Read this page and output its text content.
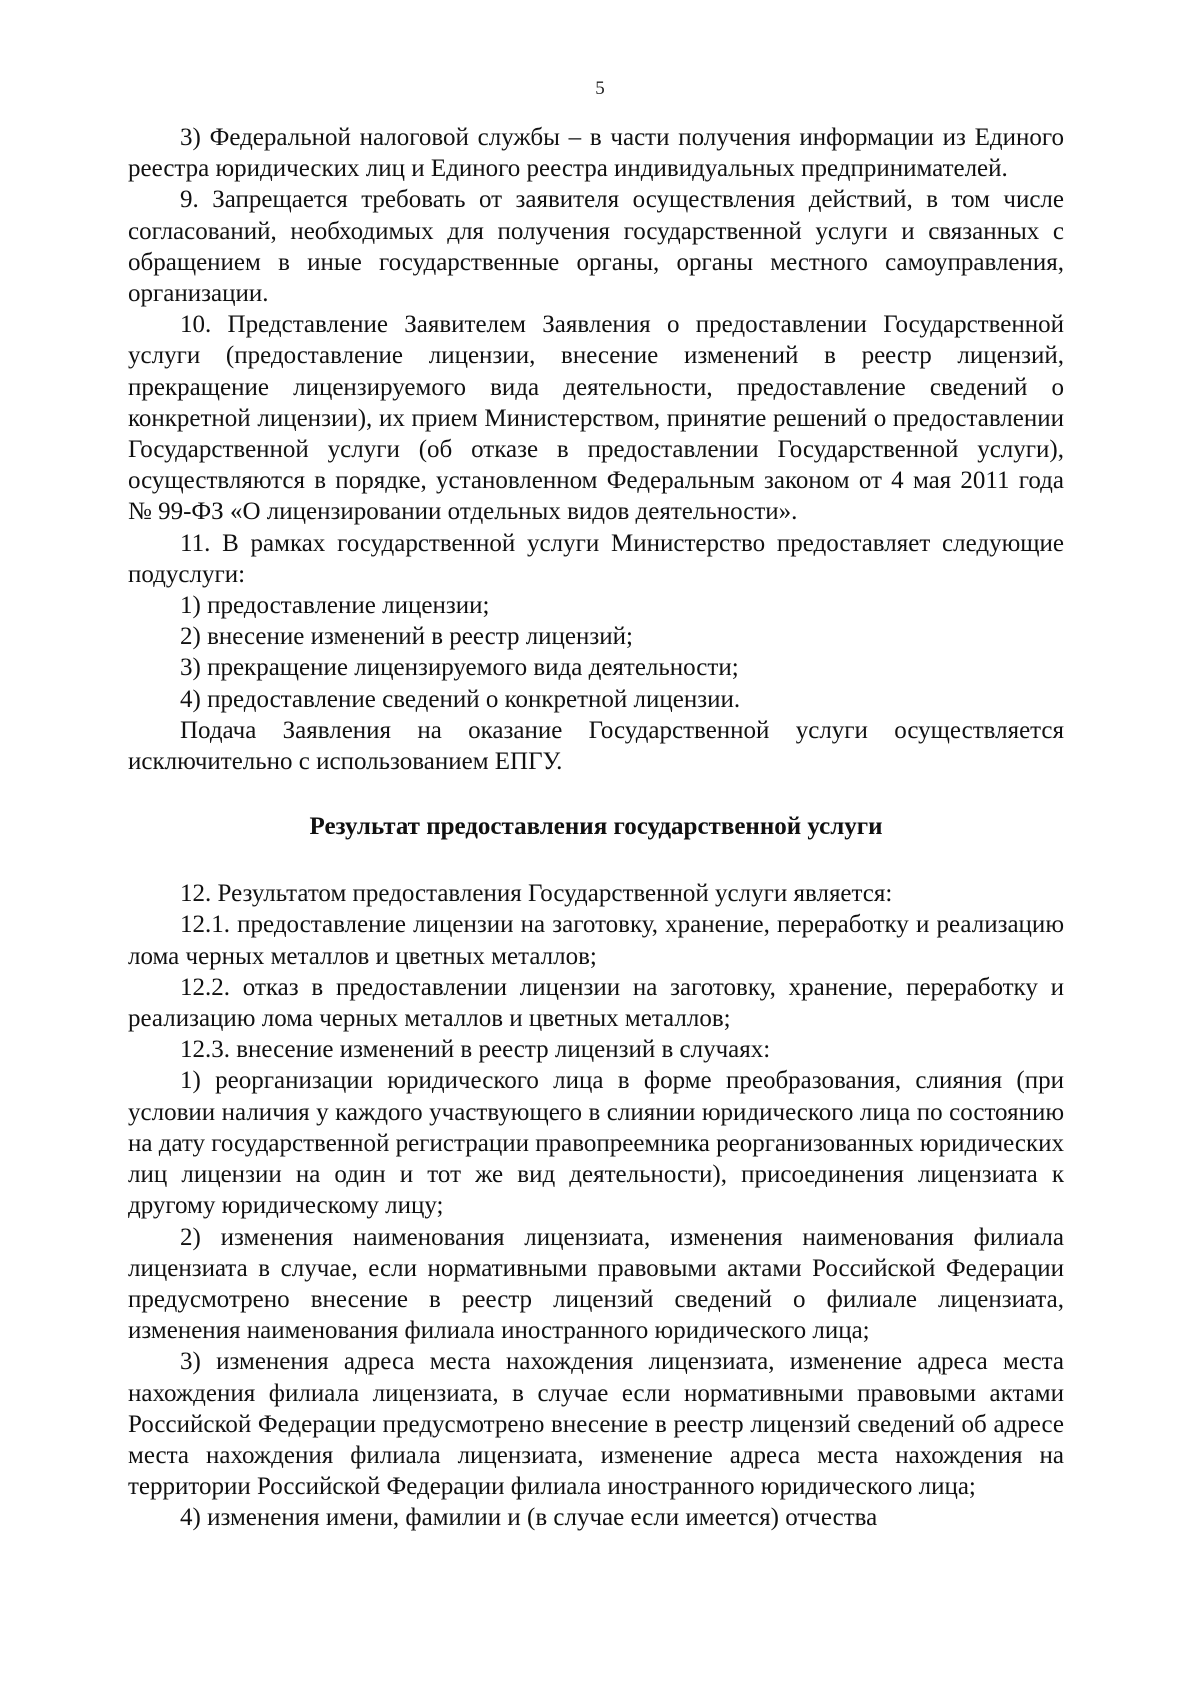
5

3) Федеральной налоговой службы – в части получения информации из Единого реестра юридических лиц и Единого реестра индивидуальных предпринимателей.

9. Запрещается требовать от заявителя осуществления действий, в том числе согласований, необходимых для получения государственной услуги и связанных с обращением в иные государственные органы, органы местного самоуправления, организации.

10. Представление Заявителем Заявления о предоставлении Государственной услуги (предоставление лицензии, внесение изменений в реестр лицензий, прекращение лицензируемого вида деятельности, предоставление сведений о конкретной лицензии), их прием Министерством, принятие решений о предоставлении Государственной услуги (об отказе в предоставлении Государственной услуги), осуществляются в порядке, установленном Федеральным законом от 4 мая 2011 года № 99-ФЗ «О лицензировании отдельных видов деятельности».

11. В рамках государственной услуги Министерство предоставляет следующие подуслуги:

1) предоставление лицензии;

2) внесение изменений в реестр лицензий;

3) прекращение лицензируемого вида деятельности;

4) предоставление сведений о конкретной лицензии.

Подача Заявления на оказание Государственной услуги осуществляется исключительно с использованием ЕПГУ.

Результат предоставления государственной услуги

12. Результатом предоставления Государственной услуги является:

12.1. предоставление лицензии на заготовку, хранение, переработку и реализацию лома черных металлов и цветных металлов;

12.2. отказ в предоставлении лицензии на заготовку, хранение, переработку и реализацию лома черных металлов и цветных металлов;

12.3. внесение изменений в реестр лицензий в случаях:

1) реорганизации юридического лица в форме преобразования, слияния (при условии наличия у каждого участвующего в слиянии юридического лица по состоянию на дату государственной регистрации правопреемника реорганизованных юридических лиц лицензии на один и тот же вид деятельности), присоединения лицензиата к другому юридическому лицу;

2) изменения наименования лицензиата, изменения наименования филиала лицензиата в случае, если нормативными правовыми актами Российской Федерации предусмотрено внесение в реестр лицензий сведений о филиале лицензиата, изменения наименования филиала иностранного юридического лица;

3) изменения адреса места нахождения лицензиата, изменение адреса места нахождения филиала лицензиата, в случае если нормативными правовыми актами Российской Федерации предусмотрено внесение в реестр лицензий сведений об адресе места нахождения филиала лицензиата, изменение адреса места нахождения на территории Российской Федерации филиала иностранного юридического лица;

4) изменения имени, фамилии и (в случае если имеется) отчества
